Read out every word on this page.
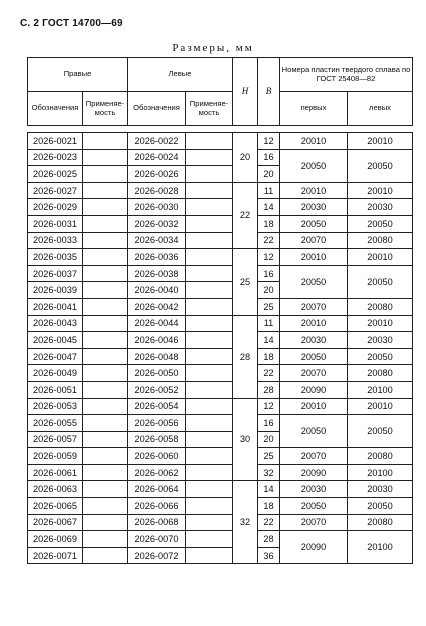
С. 2 ГОСТ 14700—69
Размеры, мм
Правые		Левые		Н	В	Номера пластин твердого сплава по ГОСТ 25408—82	
Обозначения	Применяе-мость	Обозначения	Применяе-мость			первых	левых

2026-0021		2026-0022		20	12	20010	20010
2026-0023		2026-0024			16	20050	20050
2026-0025		2026-0026			20		
2026-0027		2026-0028		22	11	20010	20010
2026-0029		2026-0030			14	20030	20030
2026-0031		2026-0032			18	20050	20050
2026-0033		2026-0034			22	20070	20080
2026-0035		2026-0036		25	12	20010	20010
2026-0037		2026-0038			16	20050	20050
2026-0039		2026-0040			20		
2026-0041		2026-0042			25	20070	20080
2026-0043		2026-0044		28	11	20010	20010
2026-0045		2026-0046			14	20030	20030
2026-0047		2026-0048			18	20050	20050
2026-0049		2026-0050			22	20070	20080
2026-0051		2026-0052			28	20090	20100
2026-0053		2026-0054		30	12	20010	20010
2026-0055		2026-0056			16	20050	20050
2026-0057		2026-0058			20		
2026-0059		2026-0060			25	20070	20080
2026-0061		2026-0062			32	20090	20100
2026-0063		2026-0064		32	14	20030	20030
2026-0065		2026-0066			18	20050	20050
2026-0067		2026-0068			22	20070	20080
2026-0069		2026-0070			28	20090	20100
2026-0071		2026-0072			36		
